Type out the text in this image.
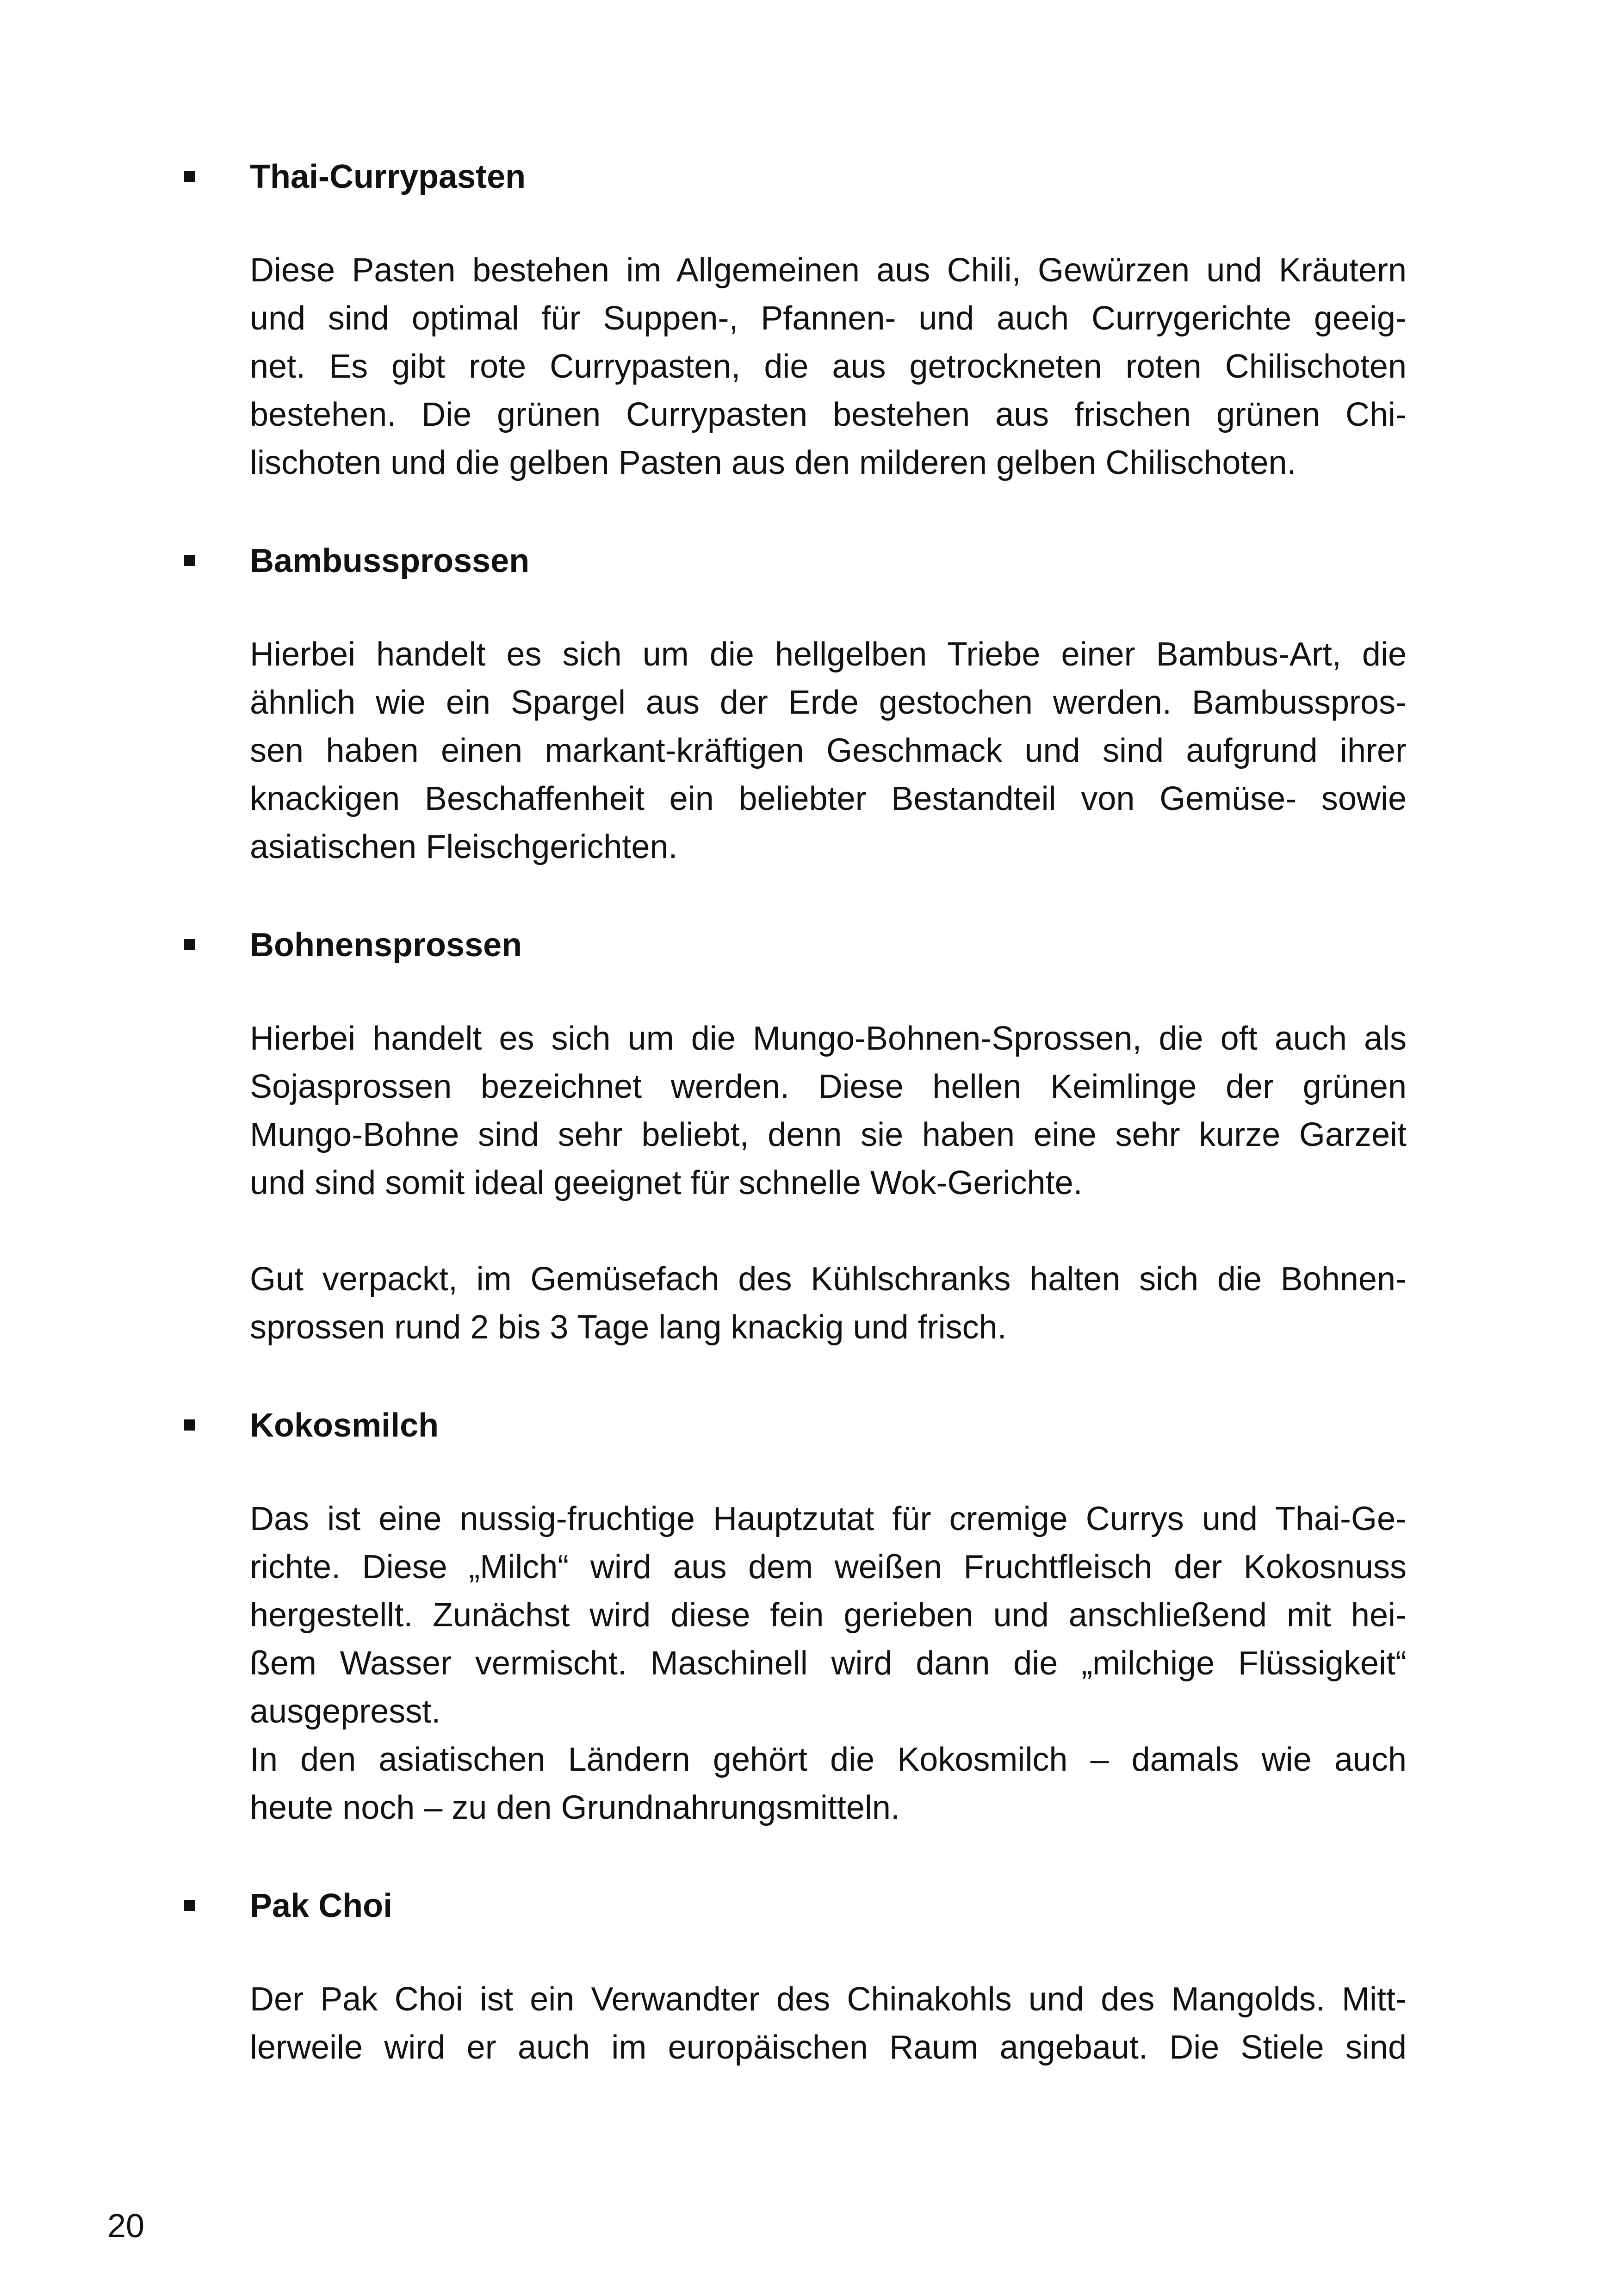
Thai-Currypasten
Diese Pasten bestehen im Allgemeinen aus Chili, Gewürzen und Kräutern
und sind optimal für Suppen-, Pfannen- und auch Currygerichte geeig-
net. Es gibt rote Currypasten, die aus getrockneten roten Chilischoten
bestehen. Die grünen Currypasten bestehen aus frischen grünen Chi-
lischoten und die gelben Pasten aus den milderen gelben Chilischoten.
Bambussprossen
Hierbei handelt es sich um die hellgelben Triebe einer Bambus-Art, die
ähnlich wie ein Spargel aus der Erde gestochen werden. Bambusspros-
sen haben einen markant-kräftigen Geschmack und sind aufgrund ihrer
knackigen Beschaffenheit ein beliebter Bestandteil von Gemüse- sowie
asiatischen Fleischgerichten.
Bohnensprossen
Hierbei handelt es sich um die Mungo-Bohnen-Sprossen, die oft auch als
Sojasprossen bezeichnet werden. Diese hellen Keimlinge der grünen
Mungo-Bohne sind sehr beliebt, denn sie haben eine sehr kurze Garzeit
und sind somit ideal geeignet für schnelle Wok-Gerichte.
Gut verpackt, im Gemüsefach des Kühlschranks halten sich die Bohnen-
sprossen rund 2 bis 3 Tage lang knackig und frisch.
Kokosmilch
Das ist eine nussig-fruchtige Hauptzutat für cremige Currys und Thai-Ge-
richte. Diese „Milch“ wird aus dem weißen Fruchtfleisch der Kokosnuss
hergestellt. Zunächst wird diese fein gerieben und anschließend mit hei-
ßem Wasser vermischt. Maschinell wird dann die „milchige Flüssigkeit“
ausgepresst.
In den asiatischen Ländern gehört die Kokosmilch – damals wie auch
heute noch – zu den Grundnahrungsmitteln.
Pak Choi
Der Pak Choi ist ein Verwandter des Chinakohls und des Mangolds. Mitt-
lerweile wird er auch im europäischen Raum angebaut. Die Stiele sind
20
